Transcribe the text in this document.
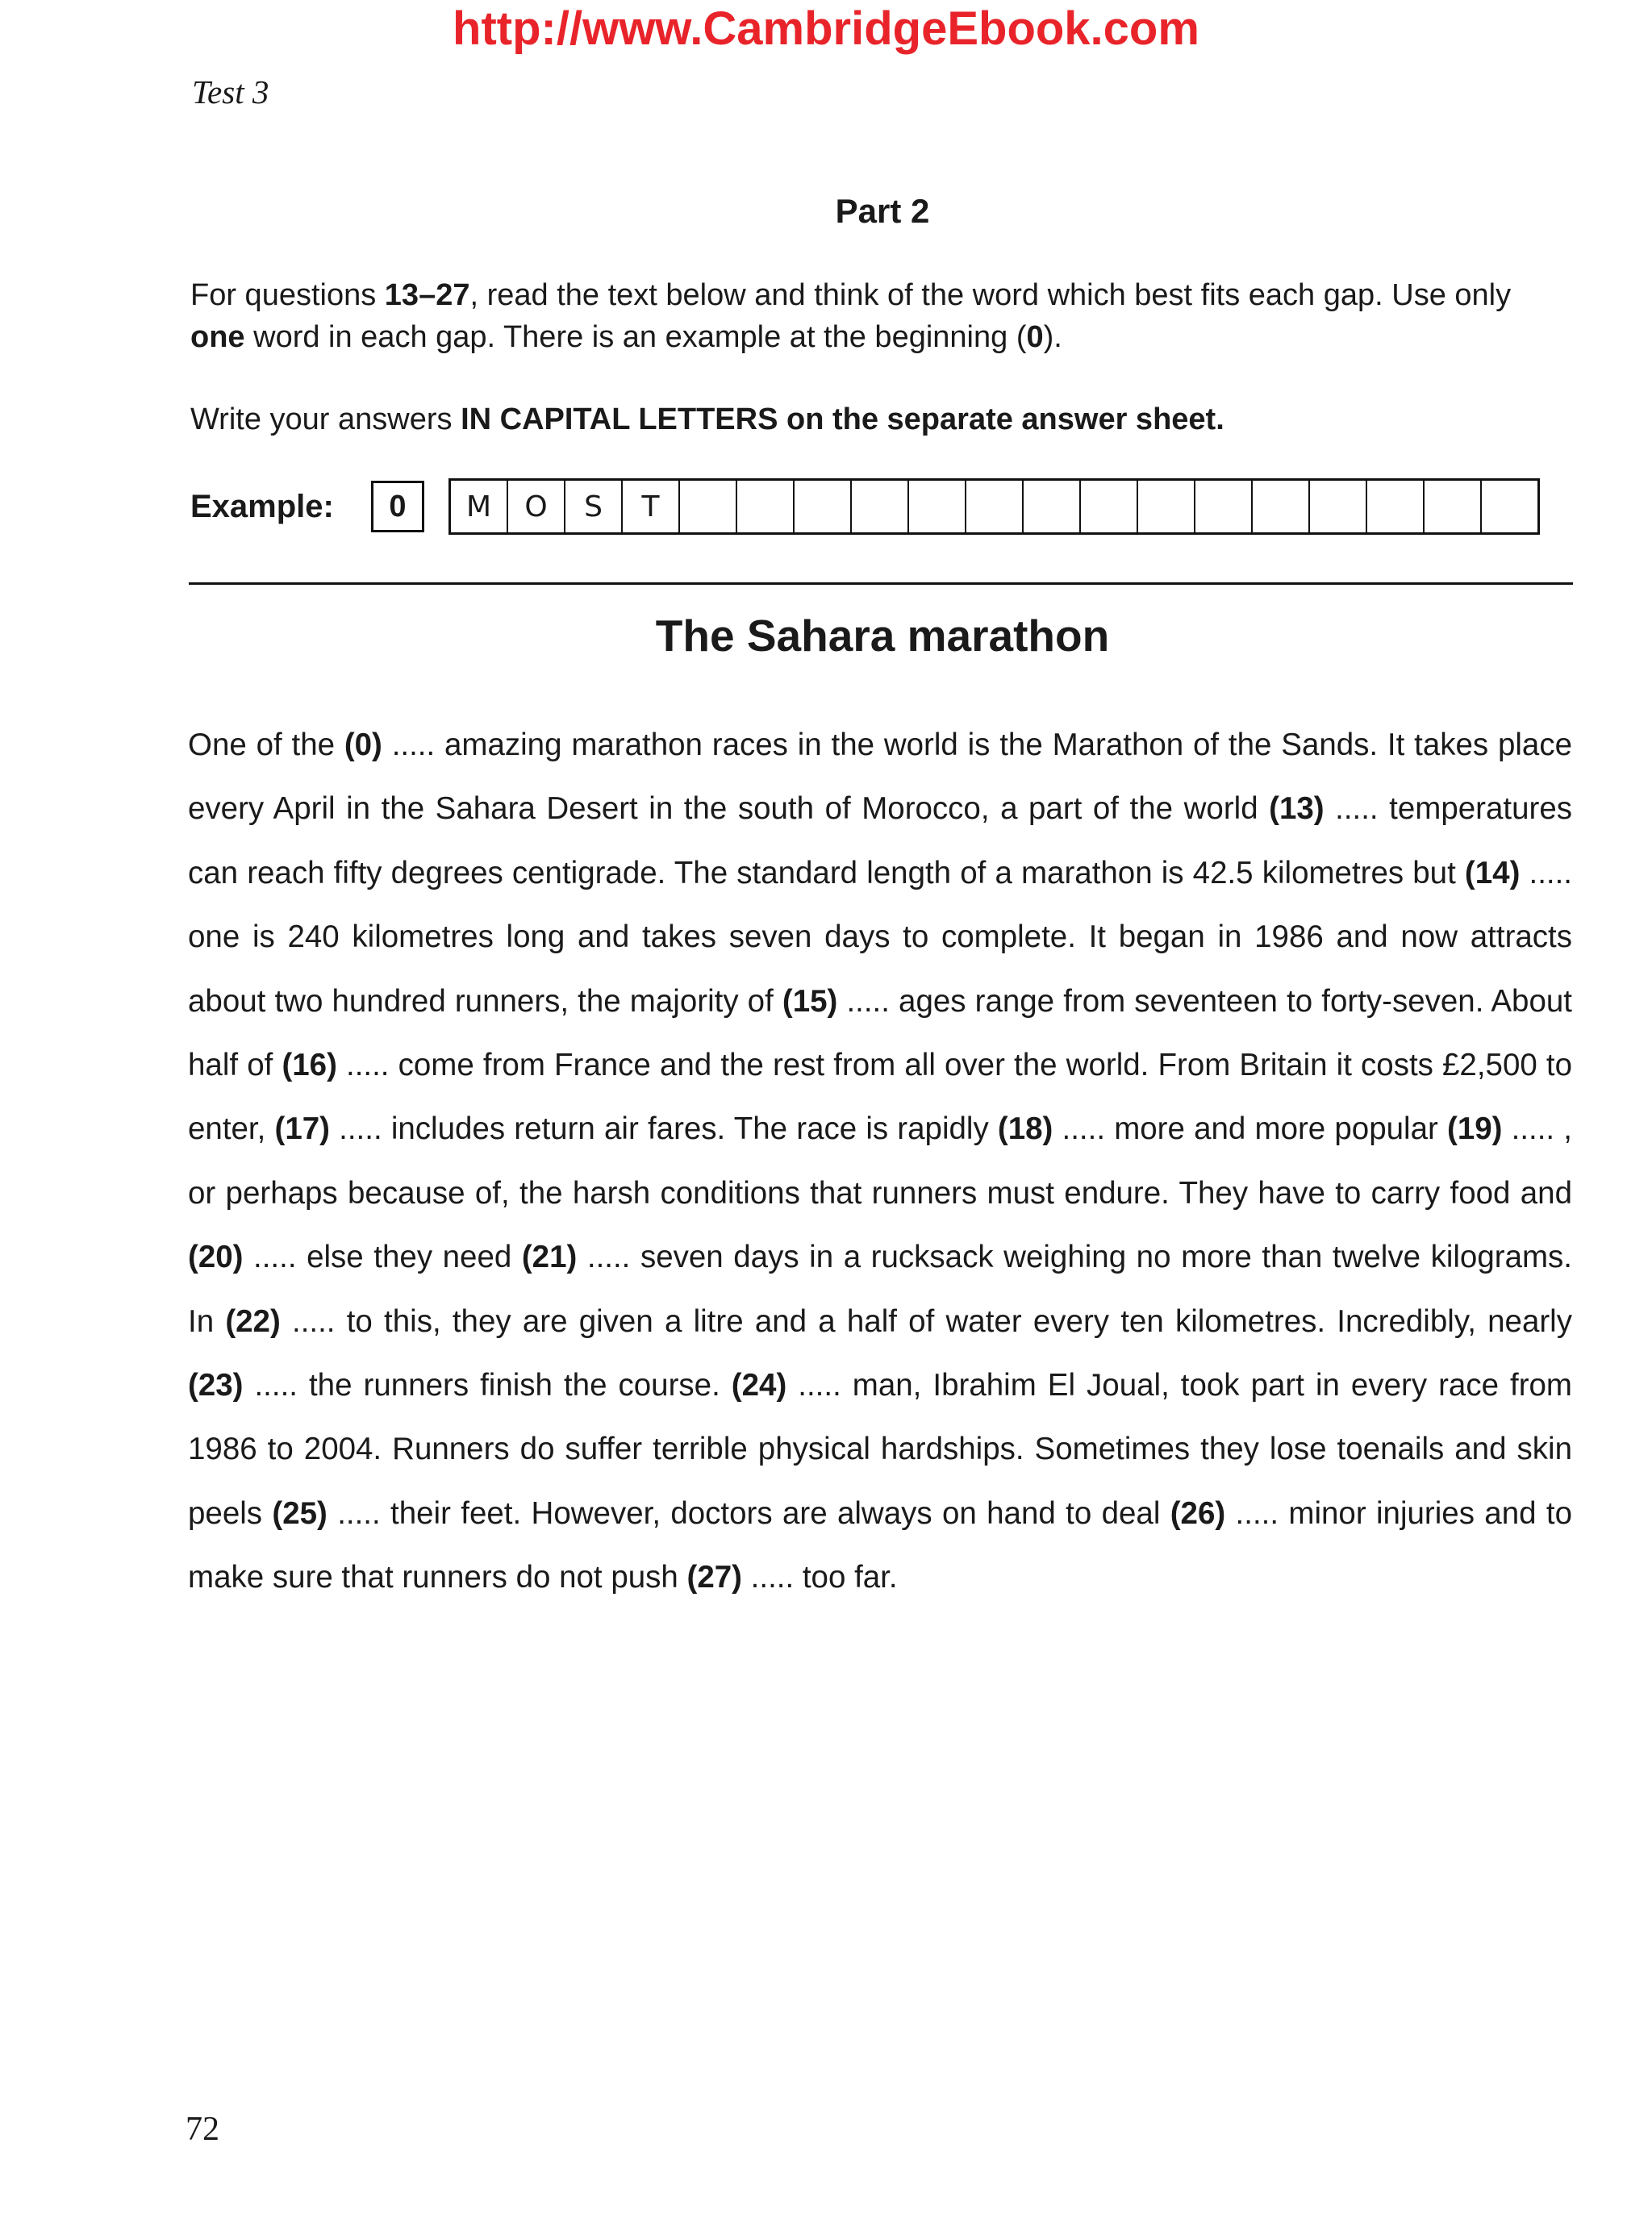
http://www.CambridgeEbook.com
Test 3
Part 2

For questions 13–27, read the text below and think of the word which best fits each gap. Use only one word in each gap. There is an example at the beginning (0).

Write your answers IN CAPITAL LETTERS on the separate answer sheet.

Example:	0	M	O	S	T
The Sahara marathon
One of the (0) ..... amazing marathon races in the world is the Marathon of the Sands. It takes place
every April in the Sahara Desert in the south of Morocco, a part of the world (13) ..... temperatures
can reach fifty degrees centigrade. The standard length of a marathon is 42.5 kilometres but (14) .....
one is 240 kilometres long and takes seven days to complete. It began in 1986 and now attracts
about two hundred runners, the majority of (15) ..... ages range from seventeen to forty-seven. About
half of (16) ..... come from France and the rest from all over the world. From Britain it costs £2,500 to
enter, (17) ..... includes return air fares. The race is rapidly (18) ..... more and more popular (19) ..... ,
or perhaps because of, the harsh conditions that runners must endure. They have to carry food and
(20) ..... else they need (21) ..... seven days in a rucksack weighing no more than twelve kilograms.
In (22) ..... to this, they are given a litre and a half of water every ten kilometres. Incredibly, nearly
(23) ..... the runners finish the course. (24) ..... man, Ibrahim El Joual, took part in every race from
1986 to 2004. Runners do suffer terrible physical hardships. Sometimes they lose toenails and skin
peels (25) ..... their feet. However, doctors are always on hand to deal (26) ..... minor injuries and to
make sure that runners do not push (27) ..... too far.
72
